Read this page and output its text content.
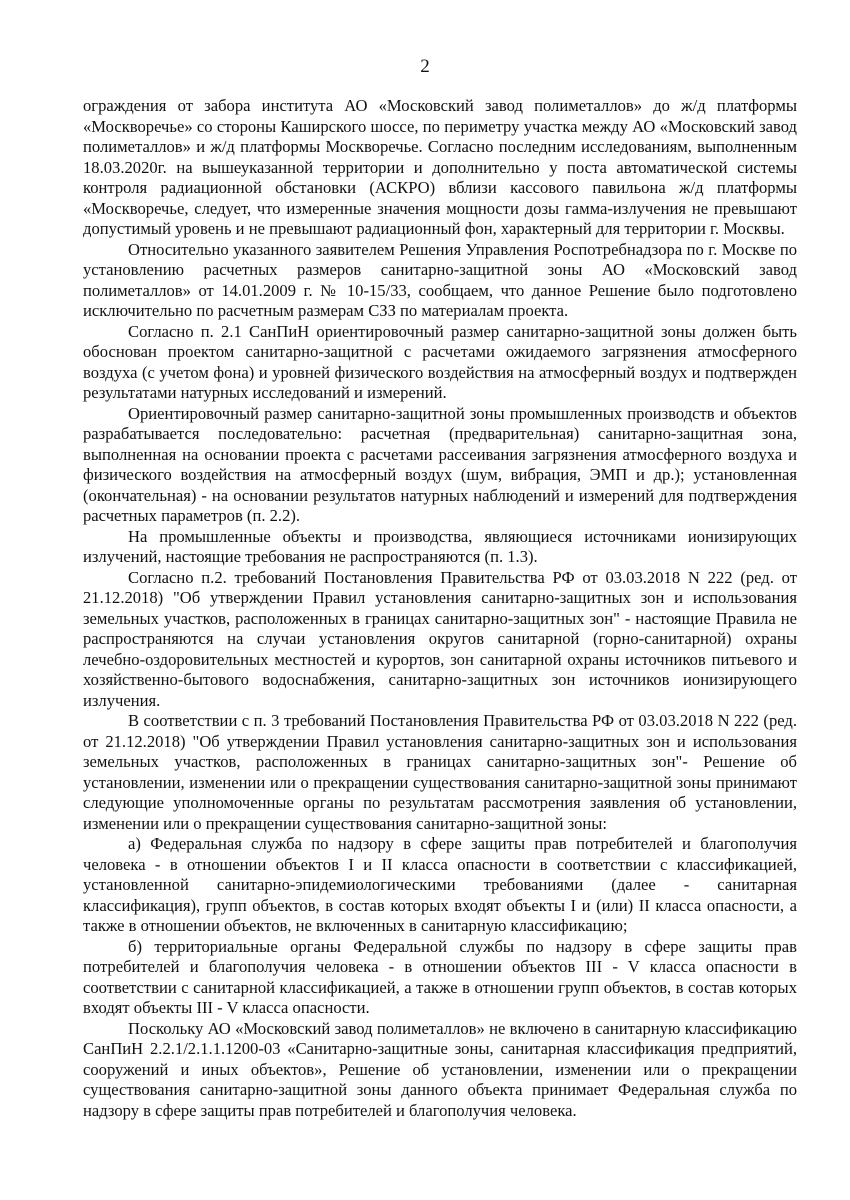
2

ограждения от забора института АО «Московский завод полиметаллов» до ж/д платформы «Москворечье» со стороны Каширского шоссе, по периметру участка между АО «Московский завод полиметаллов» и ж/д платформы Москворечье. Согласно последним исследованиям, выполненным 18.03.2020г. на вышеуказанной территории и дополнительно у поста автоматической системы контроля радиационной обстановки (АСКРО) вблизи кассового павильона ж/д платформы «Москворечье, следует, что измеренные значения мощности дозы гамма-излучения не превышают допустимый уровень и не превышают радиационный фон, характерный для территории г. Москвы.

Относительно указанного заявителем Решения Управления Роспотребнадзора по г. Москве по установлению расчетных размеров санитарно-защитной зоны АО «Московский завод полиметаллов» от 14.01.2009 г. № 10-15/33, сообщаем, что данное Решение было подготовлено исключительно по расчетным размерам СЗЗ по материалам проекта.

Согласно п. 2.1 СанПиН ориентировочный размер санитарно-защитной зоны должен быть обоснован проектом санитарно-защитной с расчетами ожидаемого загрязнения атмосферного воздуха (с учетом фона) и уровней физического воздействия на атмосферный воздух и подтвержден результатами натурных исследований и измерений.

Ориентировочный размер санитарно-защитной зоны промышленных производств и объектов разрабатывается последовательно: расчетная (предварительная) санитарно-защитная зона, выполненная на основании проекта с расчетами рассеивания загрязнения атмосферного воздуха и физического воздействия на атмосферный воздух (шум, вибрация, ЭМП и др.); установленная (окончательная) - на основании результатов натурных наблюдений и измерений для подтверждения расчетных параметров (п. 2.2).

На промышленные объекты и производства, являющиеся источниками ионизирующих излучений, настоящие требования не распространяются (п. 1.3).

Согласно п.2. требований Постановления Правительства РФ от 03.03.2018 N 222 (ред. от 21.12.2018) "Об утверждении Правил установления санитарно-защитных зон и использования земельных участков, расположенных в границах санитарно-защитных зон" - настоящие Правила не распространяются на случаи установления округов санитарной (горно-санитарной) охраны лечебно-оздоровительных местностей и курортов, зон санитарной охраны источников питьевого и хозяйственно-бытового водоснабжения, санитарно-защитных зон источников ионизирующего излучения.

В соответствии с п. 3 требований Постановления Правительства РФ от 03.03.2018 N 222 (ред. от 21.12.2018) "Об утверждении Правил установления санитарно-защитных зон и использования земельных участков, расположенных в границах санитарно-защитных зон"- Решение об установлении, изменении или о прекращении существования санитарно-защитной зоны принимают следующие уполномоченные органы по результатам рассмотрения заявления об установлении, изменении или о прекращении существования санитарно-защитной зоны:

а) Федеральная служба по надзору в сфере защиты прав потребителей и благополучия человека - в отношении объектов I и II класса опасности в соответствии с классификацией, установленной санитарно-эпидемиологическими требованиями (далее - санитарная классификация), групп объектов, в состав которых входят объекты I и (или) II класса опасности, а также в отношении объектов, не включенных в санитарную классификацию;

б) территориальные органы Федеральной службы по надзору в сфере защиты прав потребителей и благополучия человека - в отношении объектов III - V класса опасности в соответствии с санитарной классификацией, а также в отношении групп объектов, в состав которых входят объекты III - V класса опасности.

Поскольку АО «Московский завод полиметаллов» не включено в санитарную классификацию СанПиН 2.2.1/2.1.1.1200-03 «Санитарно-защитные зоны, санитарная классификация предприятий, сооружений и иных объектов», Решение об установлении, изменении или о прекращении существования санитарно-защитной зоны данного объекта принимает Федеральная служба по надзору в сфере защиты прав потребителей и благополучия человека.
